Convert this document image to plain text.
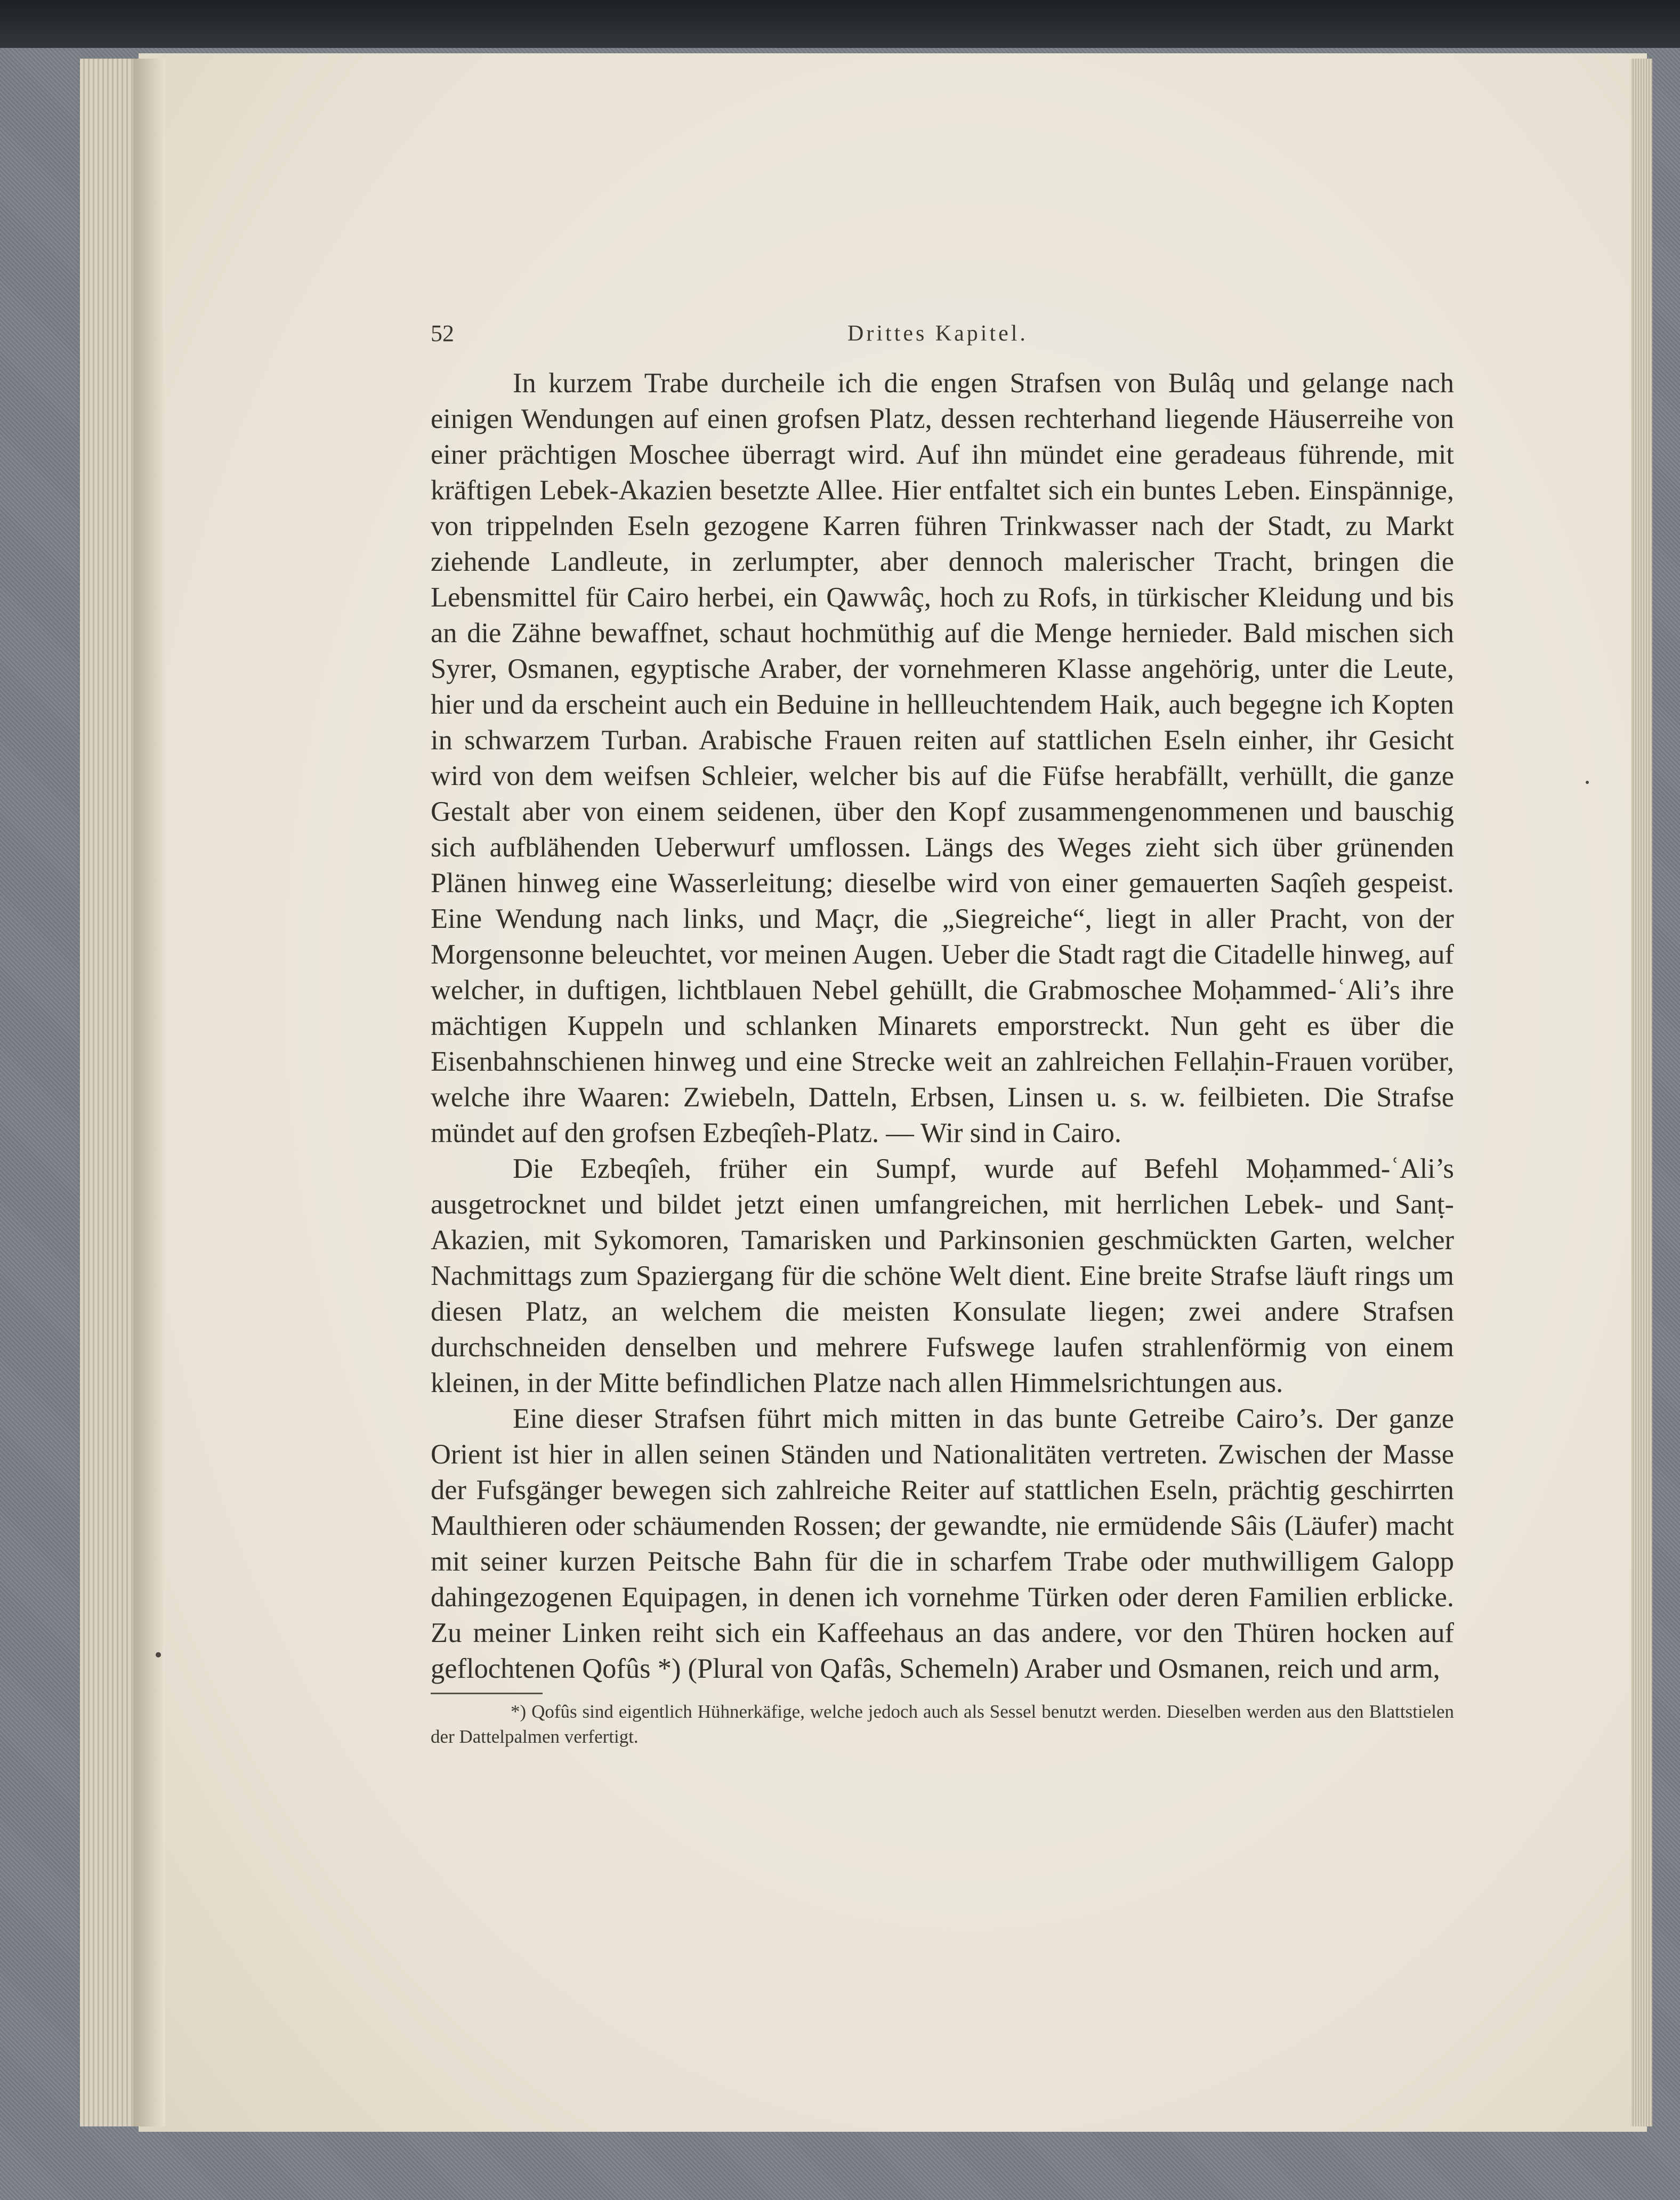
52	Drittes Kapitel.

In kurzem Trabe durcheile ich die engen Strafsen von Bulâq und gelange nach einigen Wendungen auf einen grofsen Platz, dessen rechterhand liegende Häuserreihe von einer prächtigen Moschee überragt wird. Auf ihn mündet eine geradeaus führende, mit kräftigen Lebek-Akazien besetzte Allee. Hier entfaltet sich ein buntes Leben. Einspännige, von trippelnden Eseln gezogene Karren führen Trinkwasser nach der Stadt, zu Markt ziehende Landleute, in zerlumpter, aber dennoch malerischer Tracht, bringen die Lebensmittel für Cairo herbei, ein Qawwâç, hoch zu Rofs, in türkischer Kleidung und bis an die Zähne bewaffnet, schaut hochmüthig auf die Menge hernieder. Bald mischen sich Syrer, Osmanen, egyptische Araber, der vornehmeren Klasse angehörig, unter die Leute, hier und da erscheint auch ein Beduine in hellleuchtendem Haik, auch begegne ich Kopten in schwarzem Turban. Arabische Frauen reiten auf stattlichen Eseln einher, ihr Gesicht wird von dem weifsen Schleier, welcher bis auf die Füfse herabfällt, verhüllt, die ganze Gestalt aber von einem seidenen, über den Kopf zusammengenommenen und bauschig sich aufblähenden Ueberwurf umflossen. Längs des Weges zieht sich über grünenden Plänen hinweg eine Wasserleitung; dieselbe wird von einer gemauerten Saqîeh gespeist. Eine Wendung nach links, und Maçr, die „Siegreiche“, liegt in aller Pracht, von der Morgensonne beleuchtet, vor meinen Augen. Ueber die Stadt ragt die Citadelle hinweg, auf welcher, in duftigen, lichtblauen Nebel gehüllt, die Grabmoschee Moḥammed-ʿAli’s ihre mächtigen Kuppeln und schlanken Minarets emporstreckt. Nun geht es über die Eisenbahnschienen hinweg und eine Strecke weit an zahlreichen Fellaḥin-Frauen vorüber, welche ihre Waaren: Zwiebeln, Datteln, Erbsen, Linsen u. s. w. feilbieten. Die Strafse mündet auf den grofsen Ezbeqîeh-Platz. — Wir sind in Cairo.

Die Ezbeqîeh, früher ein Sumpf, wurde auf Befehl Moḥammed-ʿAli’s ausgetrocknet und bildet jetzt einen umfangreichen, mit herrlichen Lebek- und Sanṭ-Akazien, mit Sykomoren, Tamarisken und Parkinsonien geschmückten Garten, welcher Nachmittags zum Spaziergang für die schöne Welt dient. Eine breite Strafse läuft rings um diesen Platz, an welchem die meisten Konsulate liegen; zwei andere Strafsen durchschneiden denselben und mehrere Fufswege laufen strahlenförmig von einem kleinen, in der Mitte befindlichen Platze nach allen Himmelsrichtungen aus.

Eine dieser Strafsen führt mich mitten in das bunte Getreibe Cairo’s. Der ganze Orient ist hier in allen seinen Ständen und Nationalitäten vertreten. Zwischen der Masse der Fufsgänger bewegen sich zahlreiche Reiter auf stattlichen Eseln, prächtig geschirrten Maulthieren oder schäumenden Rossen; der gewandte, nie ermüdende Sâis (Läufer) macht mit seiner kurzen Peitsche Bahn für die in scharfem Trabe oder muthwilligem Galopp dahingezogenen Equipagen, in denen ich vornehme Türken oder deren Familien erblicke. Zu meiner Linken reiht sich ein Kaffeehaus an das andere, vor den Thüren hocken auf geflochtenen Qofûs *) (Plural von Qafâs, Schemeln) Araber und Osmanen, reich und arm,

*) Qofûs sind eigentlich Hühnerkäfige, welche jedoch auch als Sessel benutzt werden. Dieselben werden aus den Blattstielen der Dattelpalmen verfertigt.
